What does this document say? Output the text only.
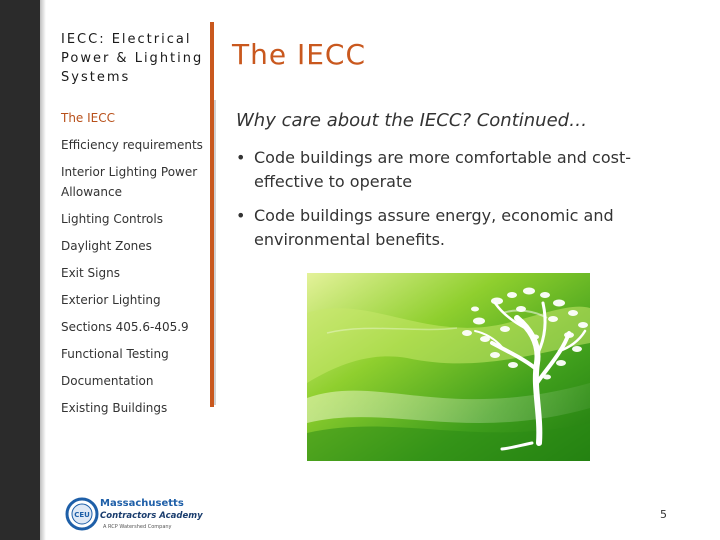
IECC: Electrical Power & Lighting Systems
The IECC
Efficiency requirements
Interior Lighting Power Allowance
Lighting Controls
Daylight Zones
Exit Signs
Exterior Lighting
Sections 405.6-405.9
Functional Testing
Documentation
Existing Buildings
The IECC
Why care about the IECC? Continued…
• Code buildings are more comfortable and cost-effective to operate
• Code buildings assure energy, economic and environmental benefits.
CEU
Massachusetts
Contractors Academy
A RCP Watershed Company
5
